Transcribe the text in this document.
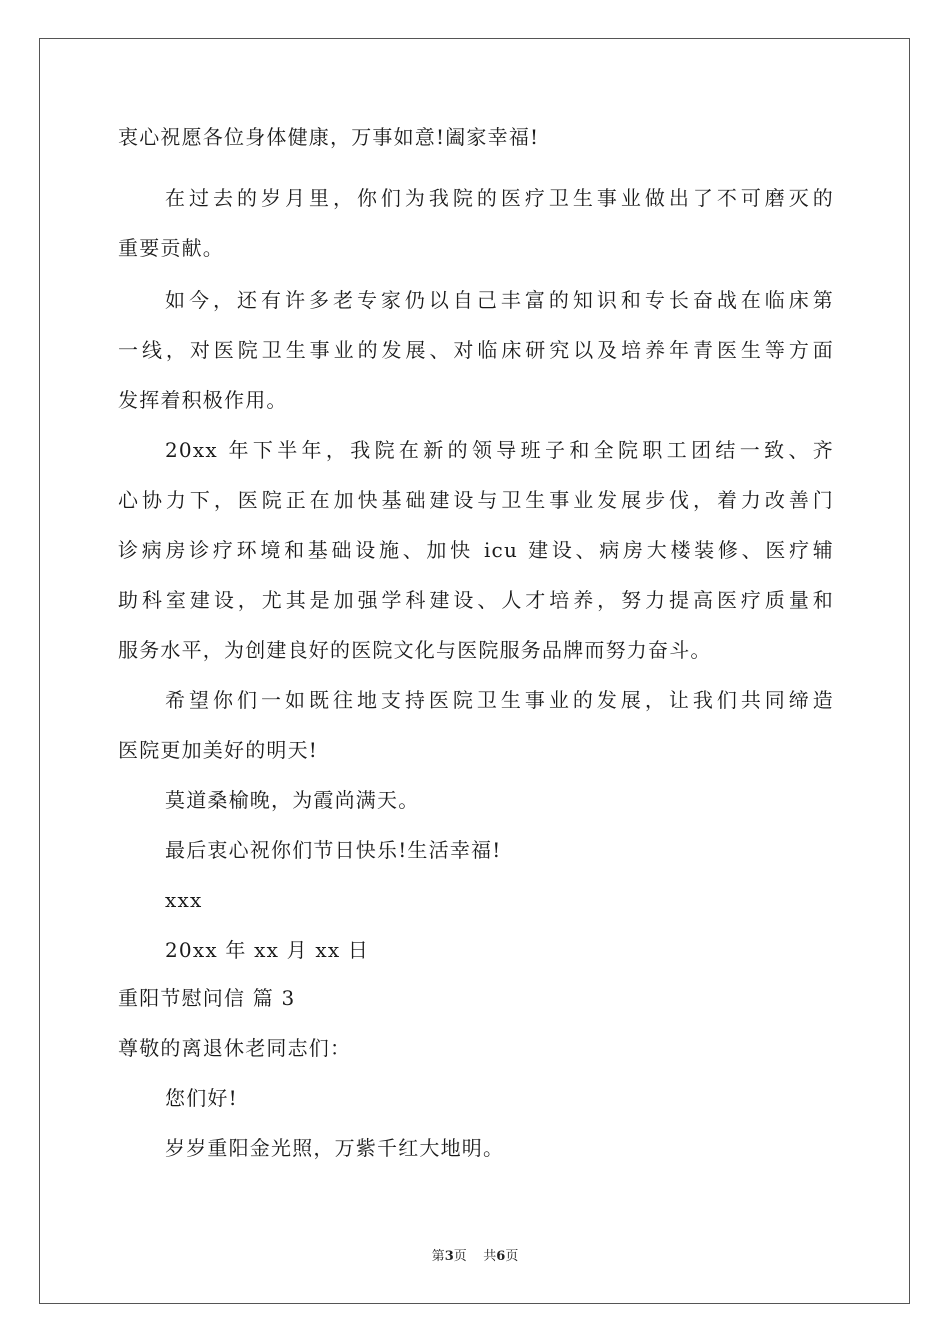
衷心祝愿各位身体健康，万事如意!阖家幸福!
在过去的岁月里，你们为我院的医疗卫生事业做出了不可磨灭的
重要贡献。
如今，还有许多老专家仍以自己丰富的知识和专长奋战在临床第
一线，对医院卫生事业的发展、对临床研究以及培养年青医生等方面
发挥着积极作用。
20xx 年下半年，我院在新的领导班子和全院职工团结一致、齐
心协力下，医院正在加快基础建设与卫生事业发展步伐，着力改善门
诊病房诊疗环境和基础设施、加快 icu 建设、病房大楼装修、医疗辅
助科室建设，尤其是加强学科建设、人才培养，努力提高医疗质量和
服务水平，为创建良好的医院文化与医院服务品牌而努力奋斗。
希望你们一如既往地支持医院卫生事业的发展，让我们共同缔造
医院更加美好的明天!
莫道桑榆晚，为霞尚满天。
最后衷心祝你们节日快乐!生活幸福!
xxx
20xx 年 xx 月 xx 日
重阳节慰问信 篇 3
尊敬的离退休老同志们：
您们好!
岁岁重阳金光照，万紫千红大地明。
第3页    共6页
